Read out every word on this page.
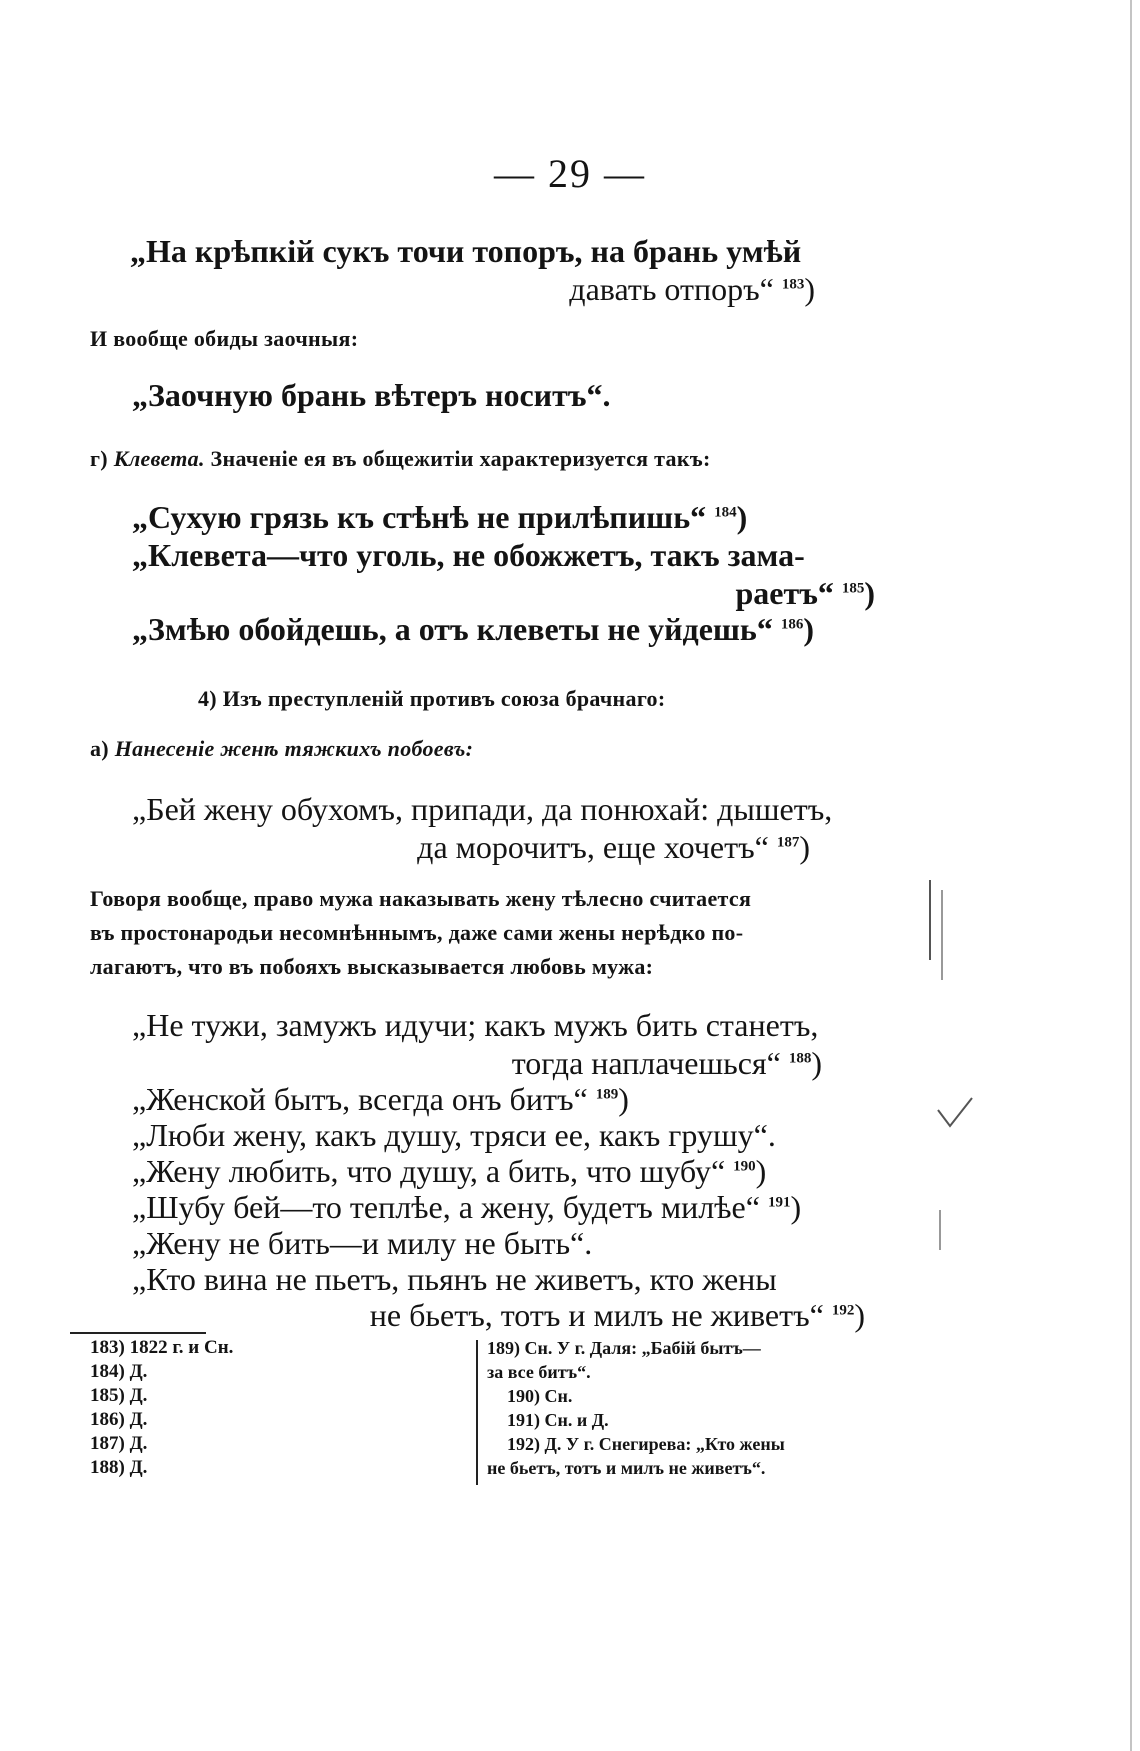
— 29 —
„На крѣпкій сукъ точи топоръ, на брань умѣй
давать отпоръ“ $^{183}$)
И вообще обиды заочныя:
„Заочную брань вѣтеръ носитъ“.
г) Клевета. Значеніе ея въ общежитіи характеризуется такъ:
„Сухую грязь къ стѣнѣ не прилѣпишь“ $^{184}$)
„Клевета—что уголь, не обожжетъ, такъ зама-
раетъ“ $^{185}$)
„Змѣю обойдешь, а отъ клеветы не уйдешь“ $^{186}$)
4) Изъ преступленій противъ союза брачнаго:
а) Нанесеніе женѣ тяжкихъ побоевъ:
„Бей жену обухомъ, припади, да понюхай: дышетъ,
да морочитъ, еще хочетъ“ $^{187}$)
Говоря вообще, право мужа наказывать жену тѣлесно считается
въ простонародьи несомнѣннымъ, даже сами жены нерѣдко по-
лагаютъ, что въ побояхъ высказывается любовь мужа:
„Не тужи, замужъ идучи; какъ мужъ бить станетъ,
тогда наплачешься“ $^{188}$)
„Женской бытъ, всегда онъ битъ“ $^{189}$)
„Люби жену, какъ душу, тряси ее, какъ грушу“.
„Жену любить, что душу, а бить, что шубу“ $^{190}$)
„Шубу бей—то теплѣе, а жену, будетъ милѣе“ $^{191}$)
„Жену не бить—и милу не быть“.
„Кто вина не пьетъ, пьянъ не живетъ, кто жены
не бьетъ, тотъ и милъ не живетъ“ $^{192}$)
183) 1822 г. и Сн.
184) Д.
185) Д.
186) Д.
187) Д.
188) Д.
189) Сн. У г. Даля: „Бабій бытъ—
за все битъ“.
190) Сн.
191) Сн. и Д.
192) Д. У г. Снегирева: „Кто жены
не бьетъ, тотъ и милъ не живетъ“.
